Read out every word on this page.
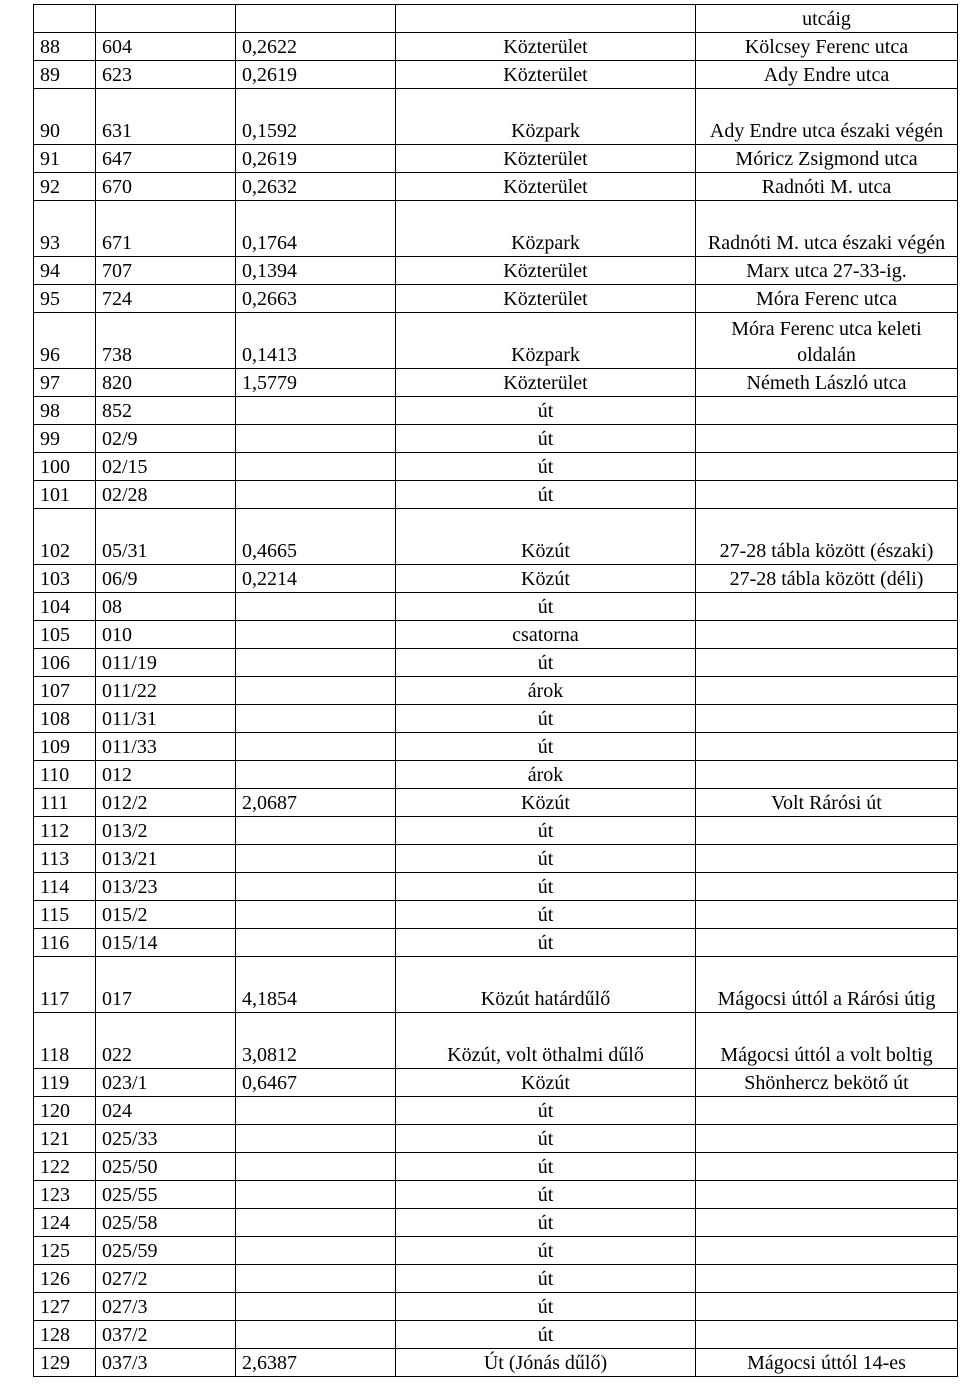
				utcáig
88	604	0,2622	Közterület	Kölcsey Ferenc utca
89	623	0,2619	Közterület	Ady Endre utca
90	631	0,1592	Közpark	Ady Endre utca északi végén
91	647	0,2619	Közterület	Móricz Zsigmond utca
92	670	0,2632	Közterület	Radnóti M. utca
93	671	0,1764	Közpark	Radnóti M. utca északi végén
94	707	0,1394	Közterület	Marx utca 27-33-ig.
95	724	0,2663	Közterület	Móra Ferenc utca
96	738	0,1413	Közpark	Móra Ferenc utca keleti oldalán
97	820	1,5779	Közterület	Németh László utca
98	852		út	
99	02/9		út	
100	02/15		út	
101	02/28		út	
102	05/31	0,4665	Közút	27-28 tábla között (északi)
103	06/9	0,2214	Közút	27-28 tábla között (déli)
104	08		út	
105	010		csatorna	
106	011/19		út	
107	011/22		árok	
108	011/31		út	
109	011/33		út	
110	012		árok	
111	012/2	2,0687	Közút	Volt Rárósi út
112	013/2		út	
113	013/21		út	
114	013/23		út	
115	015/2		út	
116	015/14		út	
117	017	4,1854	Közút határdűlő	Mágocsi úttól a Rárósi útig
118	022	3,0812	Közút, volt öthalmi dűlő	Mágocsi úttól a volt boltig
119	023/1	0,6467	Közút	Shönhercz bekötő út
120	024		út	
121	025/33		út	
122	025/50		út	
123	025/55		út	
124	025/58		út	
125	025/59		út	
126	027/2		út	
127	027/3		út	
128	037/2		út	
129	037/3	2,6387	Út (Jónás dűlő)	Mágocsi úttól 14-es
